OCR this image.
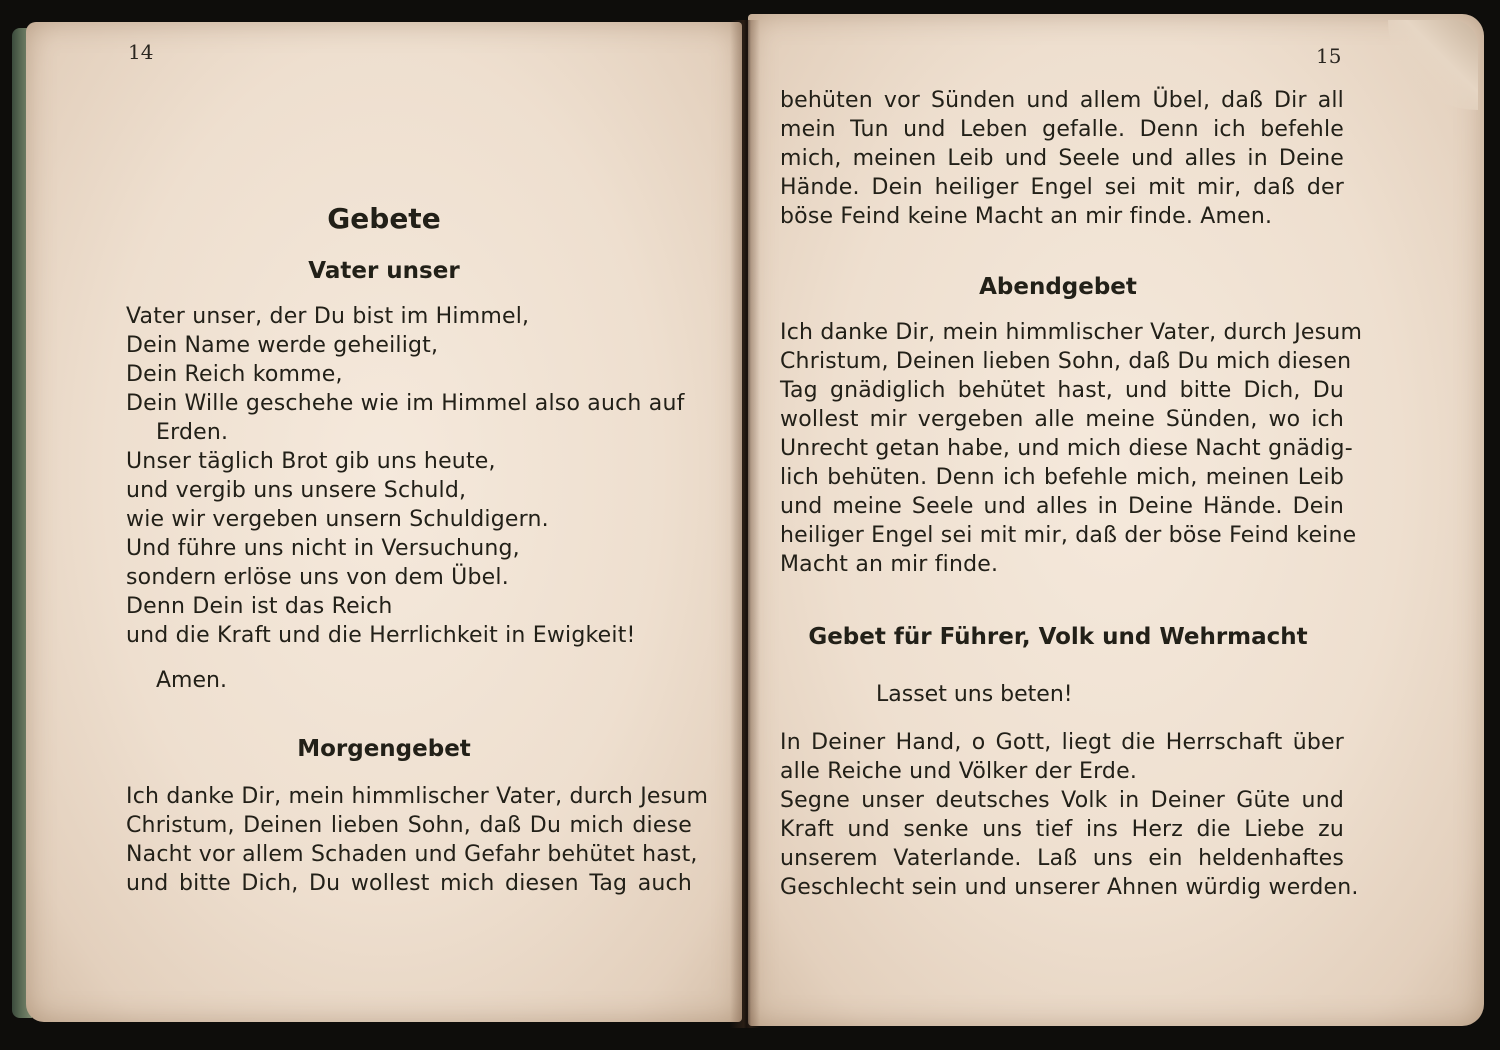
14

Gebete
Vater unser
Vater unser, der Du bist im Himmel,
Dein Name werde geheiligt,
Dein Reich komme,
Dein Wille geschehe wie im Himmel also auch auf
Erden.
Unser täglich Brot gib uns heute,
und vergib uns unsere Schuld,
wie wir vergeben unsern Schuldigern.
Und führe uns nicht in Versuchung,
sondern erlöse uns von dem Übel.
Denn Dein ist das Reich
und die Kraft und die Herrlichkeit in Ewigkeit!

Amen.

Morgengebet
Ich danke Dir, mein himmlischer Vater, durch Jesum
Christum, Deinen lieben Sohn, daß Du mich diese
Nacht vor allem Schaden und Gefahr behütet hast,
und bitte Dich, Du wollest mich diesen Tag auch

15

behüten vor Sünden und allem Übel, daß Dir all
mein Tun und Leben gefalle. Denn ich befehle
mich, meinen Leib und Seele und alles in Deine
Hände. Dein heiliger Engel sei mit mir, daß der
böse Feind keine Macht an mir finde. Amen.
Abendgebet
Ich danke Dir, mein himmlischer Vater, durch Jesum
Christum, Deinen lieben Sohn, daß Du mich diesen
Tag gnädiglich behütet hast, und bitte Dich, Du
wollest mir vergeben alle meine Sünden, wo ich
Unrecht getan habe, und mich diese Nacht gnädig-
lich behüten. Denn ich befehle mich, meinen Leib
und meine Seele und alles in Deine Hände. Dein
heiliger Engel sei mit mir, daß der böse Feind keine
Macht an mir finde.
Gebet für Führer, Volk und Wehrmacht

Lasset uns beten!

In Deiner Hand, o Gott, liegt die Herrschaft über
alle Reiche und Völker der Erde.
Segne unser deutsches Volk in Deiner Güte und
Kraft und senke uns tief ins Herz die Liebe zu
unserem Vaterlande. Laß uns ein heldenhaftes
Geschlecht sein und unserer Ahnen würdig werden.
